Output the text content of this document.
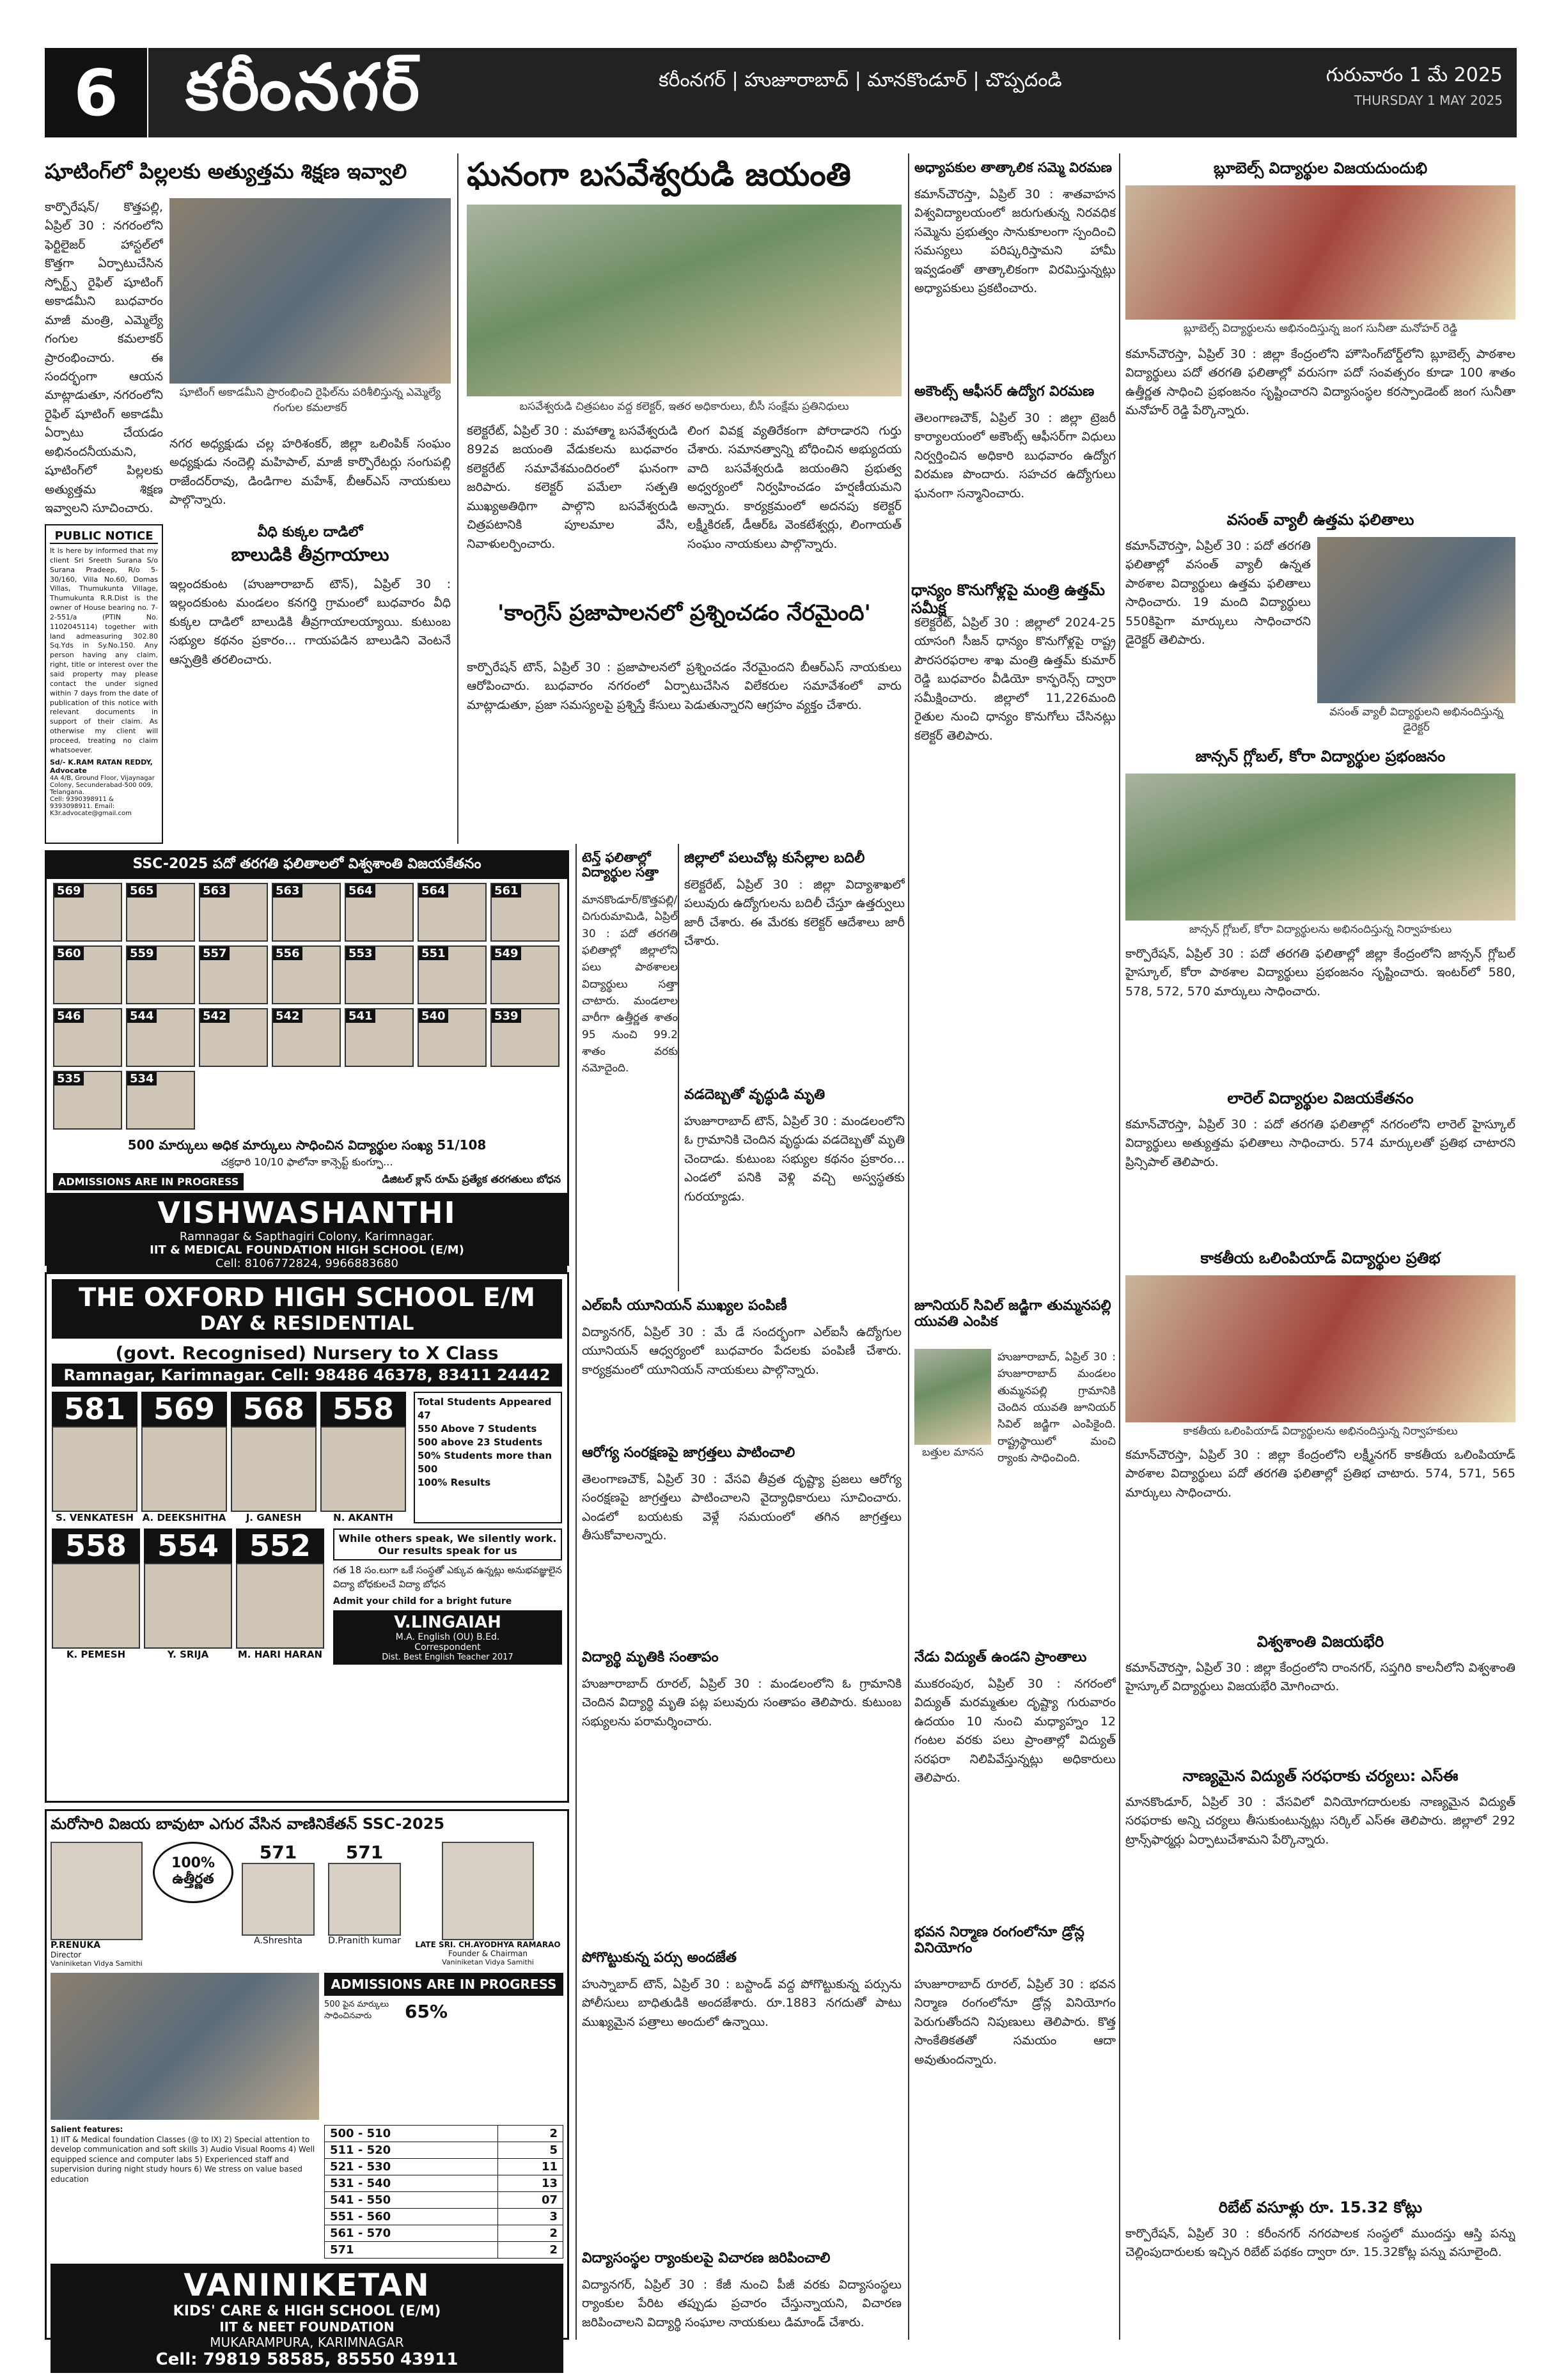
6	కరీంనగర్	కరీంనగర్ | హుజూరాబాద్ | మానకొండూర్ | చొప్పదండి	గురువారం 1 మే 2025
THURSDAY 1 MAY 2025
షూటింగ్‌లో పిల్లలకు అత్యుత్తమ శిక్షణ ఇవ్వాలి
కార్పొరేషన్/ కొత్తపల్లి, ఏప్రిల్ 30 : నగరంలోని ఫెర్టిలైజర్ హాస్టల్‌లో కొత్తగా ఏర్పాటుచేసిన స్పోర్ట్స్ రైఫిల్ షూటింగ్ అకాడమీని బుధవారం మాజీ మంత్రి, ఎమ్మెల్యే గంగుల కమలాకర్ ప్రారంభించారు. ఈ సందర్భంగా ఆయన మాట్లాడుతూ, నగరంలోని రైఫిల్ షూటింగ్ అకాడమీ ఏర్పాటు చేయడం అభినందనీయమని, షూటింగ్‌లో పిల్లలకు అత్యుత్తమ శిక్షణ ఇవ్వాలని సూచించారు.
షూటింగ్ అకాడమీని ప్రారంభించి రైఫిల్‌ను పరిశీలిస్తున్న ఎమ్మెల్యే గంగుల కమలాకర్
నగర అధ్యక్షుడు చల్ల హరిశంకర్, జిల్లా ఒలింపిక్ సంఘం అధ్యక్షుడు నందెల్లి మహిపాల్, మాజీ కార్పొరేటర్లు సంగుపల్లి రాజేందర్‌రావు, డిండిగాల మహేశ్, బీఆర్ఎస్ నాయకులు పాల్గొన్నారు.
వీధి కుక్కల దాడిలో
బాలుడికి తీవ్రగాయాలు
ఇల్లందకుంట (హుజూరాబాద్ టౌన్), ఏప్రిల్ 30 : ఇల్లందకుంట మండలం కనగర్తి గ్రామంలో బుధవారం వీధి కుక్కల దాడిలో బాలుడికి తీవ్రగాయాలయ్యాయి. కుటుంబ సభ్యుల కథనం ప్రకారం... గాయపడిన బాలుడిని వెంటనే ఆస్పత్రికి తరలించారు.
PUBLIC NOTICE
It is here by informed that my client Sri Sreeth Surana S/o Surana Pradeep, R/o 5-30/160, Villa No.60, Domas Villas, Thumukunta Village, Thumukunta R.R.Dist is the owner of House bearing no. 7-2-551/a (PTIN No. 1102045114) together with land admeasuring 302.80 Sq.Yds in Sy.No.150. Any person having any claim, right, title or interest over the said property may please contact the under signed within 7 days from the date of publication of this notice with relevant documents in support of their claim. As otherwise my client will proceed, treating no claim whatsoever.
Sd/- K.RAM RATAN REDDY, Advocate
4A 4/B, Ground Floor, Vijaynagar Colony, Secunderabad-500 009, Telangana.
Cell: 9390398911 & 9393098911. Email: K3r.advocate@gmail.com
ఘనంగా బసవేశ్వరుడి జయంతి
బసవేశ్వరుడి చిత్రపటం వద్ద కలెక్టర్, ఇతర అధికారులు, బీసీ సంక్షేమ ప్రతినిధులు
కలెక్టరేట్, ఏప్రిల్ 30 : మహాత్మా బసవేశ్వరుడి 892వ జయంతి వేడుకలను బుధవారం కలెక్టరేట్ సమావేశమందిరంలో ఘనంగా జరిపారు. కలెక్టర్ పమేలా సత్పతి ముఖ్యఅతిథిగా పాల్గొని బసవేశ్వరుడి చిత్రపటానికి పూలమాల వేసి, నివాళులర్పించారు.
లింగ వివక్ష వ్యతిరేకంగా పోరాడారని గుర్తు చేశారు. సమానత్వాన్ని బోధించిన అభ్యుదయ వాది బసవేశ్వరుడి జయంతిని ప్రభుత్వ అధ్వర్యంలో నిర్వహించడం హర్షణీయమని అన్నారు. కార్యక్రమంలో అదనపు కలెక్టర్ లక్ష్మీకిరణ్, డీఆర్‌ఓ వెంకటేశ్వర్లు, లింగాయత్ సంఘం నాయకులు పాల్గొన్నారు.
'కాంగ్రెస్ ప్రజాపాలనలో ప్రశ్నించడం నేరమైంది'
కార్పొరేషన్ టౌన్, ఏప్రిల్ 30 : ప్రజాపాలనలో ప్రశ్నించడం నేరమైందని బీఆర్ఎస్ నాయకులు ఆరోపించారు. బుధవారం నగరంలో ఏర్పాటుచేసిన విలేకరుల సమావేశంలో వారు మాట్లాడుతూ, ప్రజా సమస్యలపై ప్రశ్నిస్తే కేసులు పెడుతున్నారని ఆగ్రహం వ్యక్తం చేశారు.
అధ్యాపకుల తాత్కాలిక సమ్మె విరమణ
కమాన్‌చౌరస్తా, ఏప్రిల్ 30 : శాతవాహన విశ్వవిద్యాలయంలో జరుగుతున్న నిరవధిక సమ్మెను ప్రభుత్వం సానుకూలంగా స్పందించి సమస్యలు పరిష్కరిస్తామని హామీ ఇవ్వడంతో తాత్కాలికంగా విరమిస్తున్నట్లు అధ్యాపకులు ప్రకటించారు.
అకౌంట్స్ ఆఫీసర్ ఉద్యోగ విరమణ
తెలంగాణచౌక్, ఏప్రిల్ 30 : జిల్లా ట్రెజరీ కార్యాలయంలో అకౌంట్స్ ఆఫీసర్‌గా విధులు నిర్వర్తించిన అధికారి బుధవారం ఉద్యోగ విరమణ పొందారు. సహచర ఉద్యోగులు ఘనంగా సన్మానించారు.
ధాన్యం కొనుగోళ్లపై మంత్రి ఉత్తమ్ సమీక్ష
కలెక్టరేట్, ఏప్రిల్ 30 : జిల్లాలో 2024-25 యాసంగి సీజన్ ధాన్యం కొనుగోళ్లపై రాష్ట్ర పౌరసరఫరాల శాఖ మంత్రి ఉత్తమ్ కుమార్ రెడ్డి బుధవారం వీడియో కాన్ఫరెన్స్ ద్వారా సమీక్షించారు. జిల్లాలో 11,226మంది రైతుల నుంచి ధాన్యం కొనుగోలు చేసినట్లు కలెక్టర్ తెలిపారు.
బ్లూబెల్స్ విద్యార్థుల విజయదుందుభి
బ్లూబెల్స్ విద్యార్థులను అభినందిస్తున్న జంగ సునీతా మనోహర్ రెడ్డి
కమాన్‌చౌరస్తా, ఏప్రిల్ 30 : జిల్లా కేంద్రంలోని హౌసింగ్‌బోర్డ్‌లోని బ్లూబెల్స్ పాఠశాల విద్యార్థులు పదో తరగతి ఫలితాల్లో వరుసగా పదో సంవత్సరం కూడా 100 శాతం ఉత్తీర్ణత సాధించి ప్రభంజనం సృష్టించారని విద్యాసంస్థల కరస్పాండెంట్ జంగ సునీతా మనోహర్ రెడ్డి పేర్కొన్నారు.
వసంత్ వ్యాలీ ఉత్తమ ఫలితాలు
కమాన్‌చౌరస్తా, ఏప్రిల్ 30 : పదో తరగతి ఫలితాల్లో వసంత్ వ్యాలీ ఉన్నత పాఠశాల విద్యార్థులు ఉత్తమ ఫలితాలు సాధించారు. 19 మంది విద్యార్థులు 550కిపైగా మార్కులు సాధించారని డైరెక్టర్ తెలిపారు.
వసంత్ వ్యాలీ విద్యార్థులని అభినందిస్తున్న డైరెక్టర్
జాన్సన్ గ్లోబల్, కోరా విద్యార్థుల ప్రభంజనం
జాన్సన్ గ్లోబల్, కోరా విద్యార్థులను అభినందిస్తున్న నిర్వాహకులు
కార్పొరేషన్, ఏప్రిల్ 30 : పదో తరగతి ఫలితాల్లో జిల్లా కేంద్రంలోని జాన్సన్ గ్లోబల్ హైస్కూల్, కోరా పాఠశాల విద్యార్థులు ప్రభంజనం సృష్టించారు. ఇంటర్‌లో 580, 578, 572, 570 మార్కులు సాధించారు.
లారెల్ విద్యార్థుల విజయకేతనం
కమాన్‌చౌరస్తా, ఏప్రిల్ 30 : పదో తరగతి ఫలితాల్లో నగరంలోని లారెల్ హైస్కూల్ విద్యార్థులు అత్యుత్తమ ఫలితాలు సాధించారు. 574 మార్కులతో ప్రతిభ చాటారని ప్రిన్సిపాల్ తెలిపారు.
కాకతీయ ఒలింపియాడ్ విద్యార్థుల ప్రతిభ
కాకతీయ ఒలింపియాడ్ విద్యార్థులను అభినందిస్తున్న నిర్వాహకులు
కమాన్‌చౌరస్తా, ఏప్రిల్ 30 : జిల్లా కేంద్రంలోని లక్ష్మీనగర్ కాకతీయ ఒలింపియాడ్ పాఠశాల విద్యార్థులు పదో తరగతి ఫలితాల్లో ప్రతిభ చాటారు. 574, 571, 565 మార్కులు సాధించారు.
విశ్వశాంతి విజయభేరి
కమాన్‌చౌరస్తా, ఏప్రిల్ 30 : జిల్లా కేంద్రంలోని రాంనగర్, సప్తగిరి కాలనీలోని విశ్వశాంతి హైస్కూల్ విద్యార్థులు విజయభేరి మోగించారు.
నాణ్యమైన విద్యుత్ సరఫరాకు చర్యలు: ఎస్ఈ
మానకొండూర్, ఏప్రిల్ 30 : వేసవిలో వినియోగదారులకు నాణ్యమైన విద్యుత్ సరఫరాకు అన్ని చర్యలు తీసుకుంటున్నట్లు సర్కిల్ ఎస్ఈ తెలిపారు. జిల్లాలో 292 ట్రాన్స్‌ఫార్మర్లు ఏర్పాటుచేశామని పేర్కొన్నారు.
రిబేట్ వసూళ్లు రూ. 15.32 కోట్లు
కార్పొరేషన్, ఏప్రిల్ 30 : కరీంనగర్ నగరపాలక సంస్థలో ముందస్తు ఆస్తి పన్ను చెల్లింపుదారులకు ఇచ్చిన రిబేట్ పథకం ద్వారా రూ. 15.32కోట్ల పన్ను వసూలైంది.
టెన్త్ ఫలితాల్లో విద్యార్థుల సత్తా
మానకొండూర్/కొత్తపల్లి/చిగురుమామిడి, ఏప్రిల్ 30 : పదో తరగతి ఫలితాల్లో జిల్లాలోని పలు పాఠశాలల విద్యార్థులు సత్తా చాటారు. మండలాల వారీగా ఉత్తీర్ణత శాతం 95 నుంచి 99.2 శాతం వరకు నమోదైంది.
జిల్లాలో పలుచోట్ల కుసేల్లాల బదిలీ
కలెక్టరేట్, ఏప్రిల్ 30 : జిల్లా విద్యాశాఖలో పలువురు ఉద్యోగులను బదిలీ చేస్తూ ఉత్తర్వులు జారీ చేశారు. ఈ మేరకు కలెక్టర్ ఆదేశాలు జారీ చేశారు.
వడదెబ్బతో వృద్ధుడి మృతి
హుజూరాబాద్ టౌన్, ఏప్రిల్ 30 : మండలంలోని ఓ గ్రామానికి చెందిన వృద్ధుడు వడదెబ్బతో మృతి చెందాడు. కుటుంబ సభ్యుల కథనం ప్రకారం... ఎండలో పనికి వెళ్లి వచ్చి అస్వస్థతకు గురయ్యాడు.
ఎల్ఐసీ యూనియన్ ముఖ్యల పంపిణీ
విద్యానగర్, ఏప్రిల్ 30 : మే డే సందర్భంగా ఎల్ఐసీ ఉద్యోగుల యూనియన్ ఆధ్వర్యంలో బుధవారం పేదలకు పంపిణీ చేశారు. కార్యక్రమంలో యూనియన్ నాయకులు పాల్గొన్నారు.
జూనియర్ సివిల్ జడ్జిగా తుమ్మనపల్లి యువతి ఎంపిక
బత్తుల మానస
హుజూరాబాద్, ఏప్రిల్ 30 : హుజూరాబాద్ మండలం తుమ్మనపల్లి గ్రామానికి చెందిన యువతి జూనియర్ సివిల్ జడ్జిగా ఎంపికైంది. రాష్ట్రస్థాయిలో మంచి ర్యాంకు సాధించింది.
ఆరోగ్య సంరక్షణపై జాగ్రత్తలు పాటించాలి
తెలంగాణచౌక్, ఏప్రిల్ 30 : వేసవి తీవ్రత దృష్ట్యా ప్రజలు ఆరోగ్య సంరక్షణపై జాగ్రత్తలు పాటించాలని వైద్యాధికారులు సూచించారు. ఎండలో బయటకు వెళ్లే సమయంలో తగిన జాగ్రత్తలు తీసుకోవాలన్నారు.
నేడు విద్యుత్ ఉండని ప్రాంతాలు
ముకరంపుర, ఏప్రిల్ 30 : నగరంలో విద్యుత్ మరమ్మతుల దృష్ట్యా గురువారం ఉదయం 10 నుంచి మధ్యాహ్నం 12 గంటల వరకు పలు ప్రాంతాల్లో విద్యుత్ సరఫరా నిలిపివేస్తున్నట్లు అధికారులు తెలిపారు.
విద్యార్థి మృతికి సంతాపం
హుజూరాబాద్ రూరల్, ఏప్రిల్ 30 : మండలంలోని ఓ గ్రామానికి చెందిన విద్యార్థి మృతి పట్ల పలువురు సంతాపం తెలిపారు. కుటుంబ సభ్యులను పరామర్శించారు.
పోగొట్టుకున్న పర్సు అందజేత
హుస్నాబాద్ టౌన్, ఏప్రిల్ 30 : బస్టాండ్ వద్ద పోగొట్టుకున్న పర్సును పోలీసులు బాధితుడికి అందజేశారు. రూ.1883 నగదుతో పాటు ముఖ్యమైన పత్రాలు అందులో ఉన్నాయి.
భవన నిర్మాణ రంగంలోనూ డ్రోన్ల వినియోగం
హుజూరాబాద్ రూరల్, ఏప్రిల్ 30 : భవన నిర్మాణ రంగంలోనూ డ్రోన్ల వినియోగం పెరుగుతోందని నిపుణులు తెలిపారు. కొత్త సాంకేతికతతో సమయం ఆదా అవుతుందన్నారు.
విద్యాసంస్థల ర్యాంకులపై విచారణ జరిపించాలి
విద్యానగర్, ఏప్రిల్ 30 : కేజీ నుంచి పీజీ వరకు విద్యాసంస్థలు ర్యాంకుల పేరిట తప్పుడు ప్రచారం చేస్తున్నాయని, విచారణ జరిపించాలని విద్యార్థి సంఘాల నాయకులు డిమాండ్ చేశారు.
SSC-2025 పదో తరగతి ఫలితాలలో విశ్వశాంతి విజయకేతనం
569	565	563	563	564	564	561
560	559	557	556	553	551	549
546	544	542	542	541	540	539
535	534
500 మార్కులు అధిక మార్కులు సాధించిన విద్యార్థుల సంఖ్య 51/108
చక్రధారి 10/10 ఫాలోనా కాన్సెప్ట్ కుంగ్ఫూ...
ADMISSIONS ARE IN PROGRESS	డిజిటల్ క్లాస్ రూమ్ ప్రత్యేక తరగతులు బోధన
VISHWASHANTHI
Ramnagar & Sapthagiri Colony, Karimnagar.
IIT & MEDICAL FOUNDATION HIGH SCHOOL (E/M)
Cell: 8106772824, 9966883680
THE OXFORD HIGH SCHOOL E/M
DAY & RESIDENTIAL
(govt. Recognised) Nursery to X Class
Ramnagar, Karimnagar. Cell: 98486 46378, 83411 24442
581
S. VENKATESH
569
A. DEEKSHITHA
568
J. GANESH
558
N. AKANTH
Total Students Appeared 47
550 Above 7 Students
500 above 23 Students
50% Students more than 500
100% Results
558
K. PEMESH
554
Y. SRIJA
552
M. HARI HARAN
While others speak, We silently work. Our results speak for us
గత 18 సం.లుగా ఒకే సంస్థతో ఎక్కువ ఉన్నట్లు అనుభవజ్ఞులైన విద్యా బోధకులచే విద్యా బోధన
Admit your child for a bright future
V.LINGAIAH
M.A. English (OU) B.Ed.
Correspondent
Dist. Best English Teacher 2017
మరోసారి విజయ బావుటా ఎగుర వేసిన వాణినికేతన్ SSC-2025
P.RENUKA
Director
Vaniniketan Vidya Samithi
100% ఉత్తీర్ణత
571
A.Shreshta
571
D.Pranith kumar	LATE SRI. CH.AYODHYA RAMARAO
Founder & Chairman
Vaniniketan Vidya Samithi
ADMISSIONS ARE IN PROGRESS
500 పైన మార్కులు సాధించినవారు	65%
Salient features:
1) IIT & Medical foundation Classes (@ to IX) 2) Special attention to develop communication and soft skills 3) Audio Visual Rooms 4) Well equipped science and computer labs 5) Experienced staff and supervision during night study hours 6) We stress on value based education
500 - 510	2
511 - 520	5
521 - 530	11
531 - 540	13
541 - 550	07
551 - 560	3
561 - 570	2
571	2
VANINIKETAN
KIDS' CARE & HIGH SCHOOL (E/M)
IIT & NEET FOUNDATION
MUKARAMPURA, KARIMNAGAR
Cell: 79819 58585, 85550 43911
